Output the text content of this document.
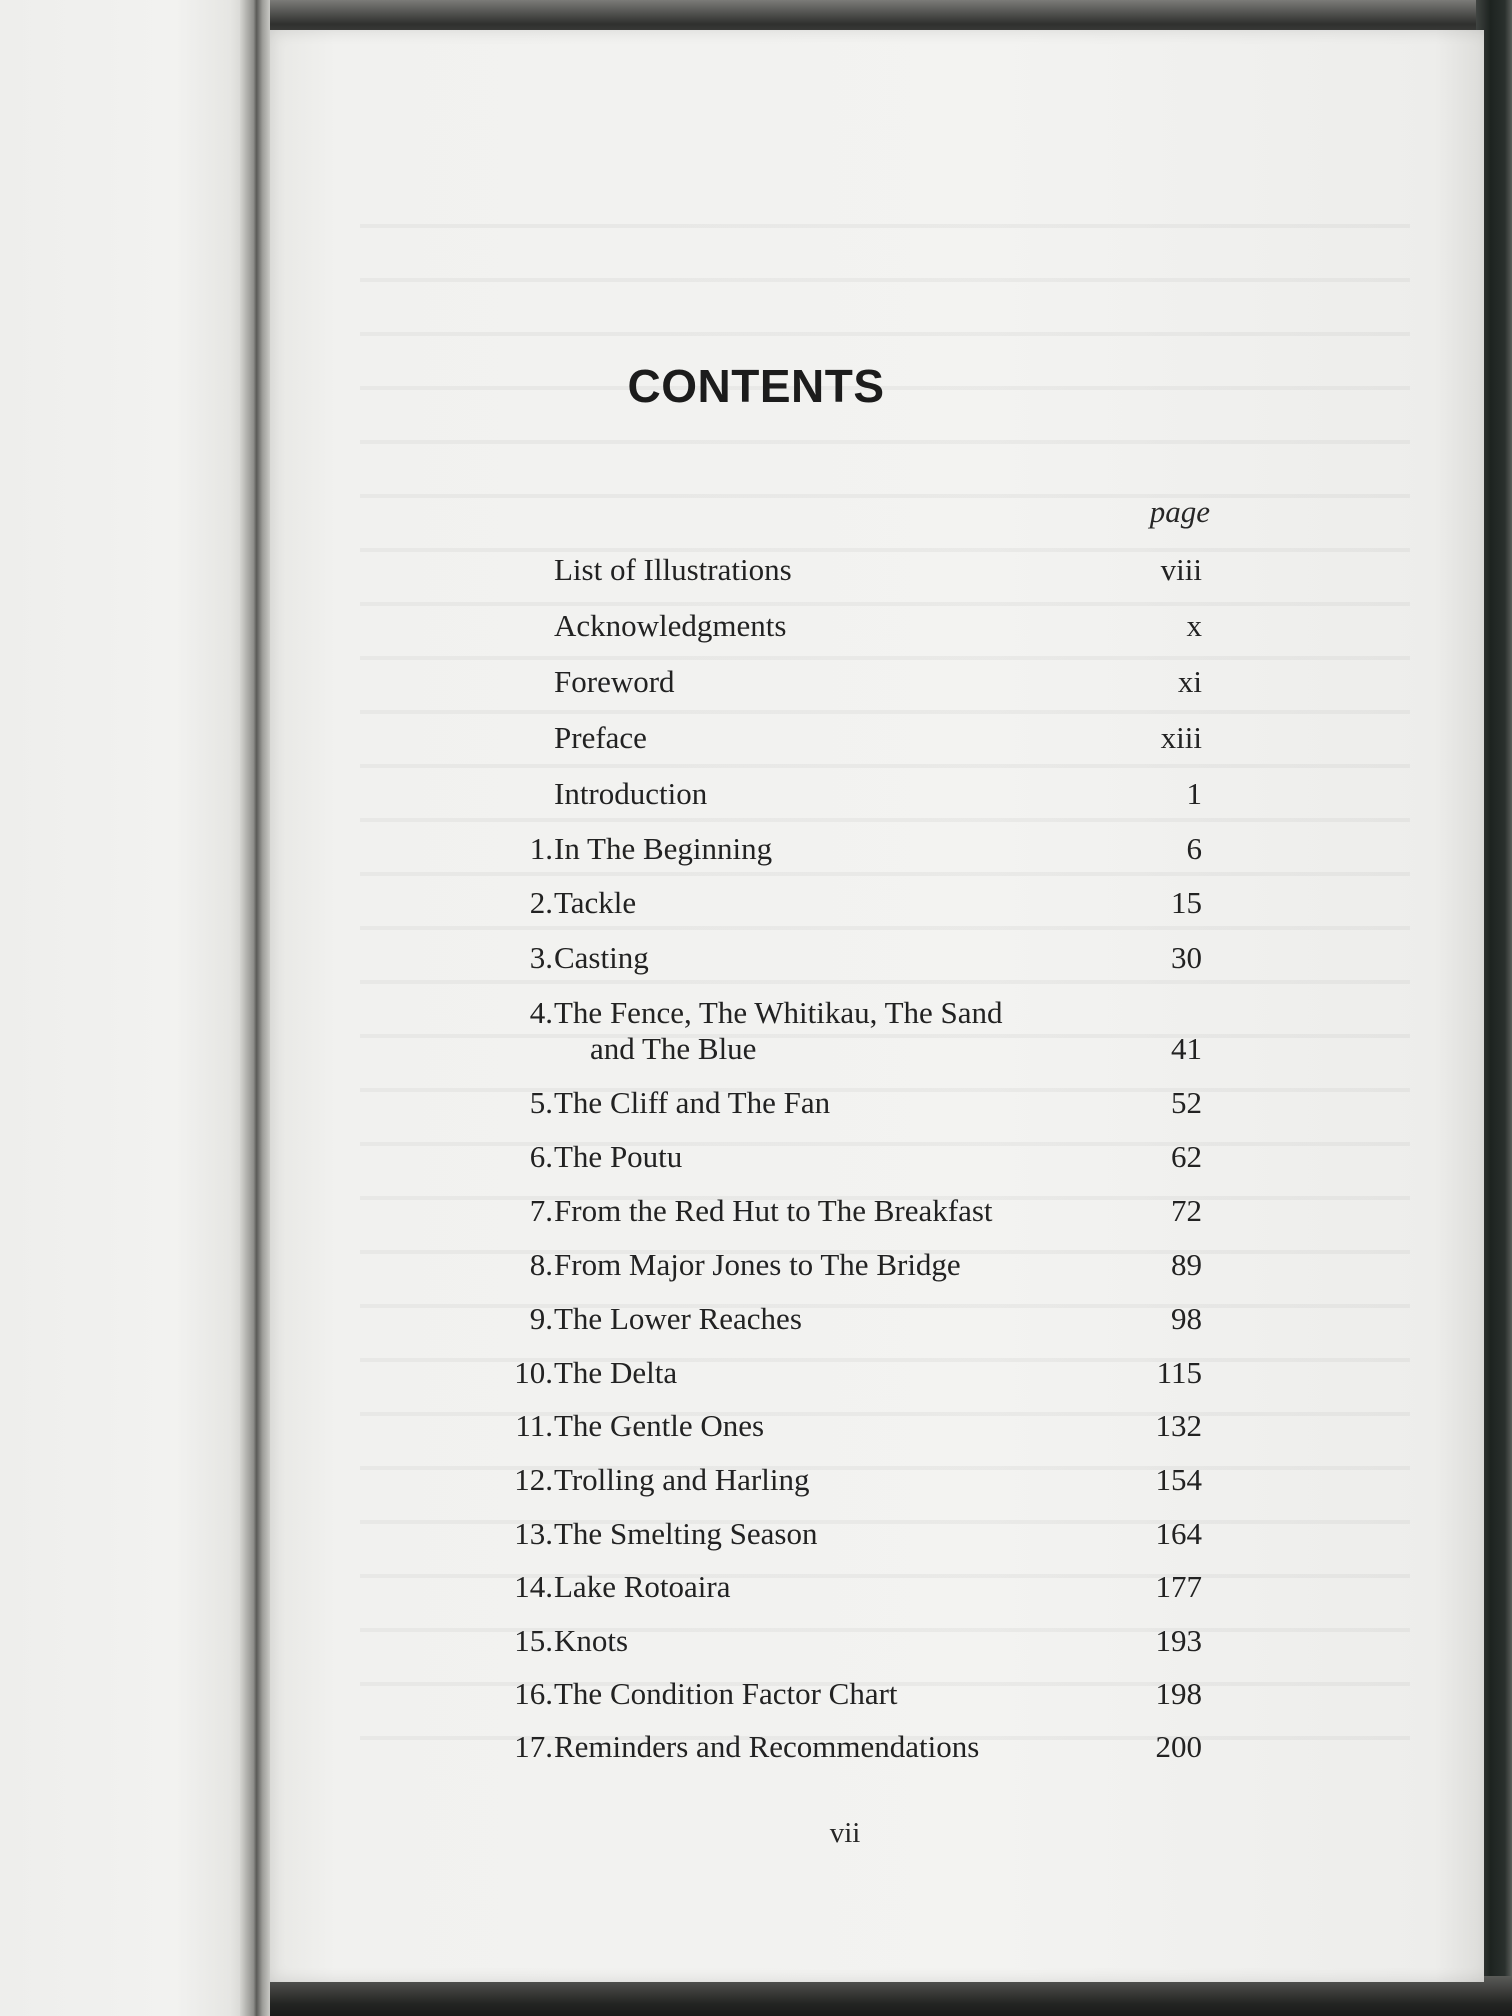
CONTENTS
page
List of Illustrations	viii
Acknowledgments	x
Foreword	xi
Preface	xiii
Introduction	1
1. In The Beginning	6
2. Tackle	15
3. Casting	30
4. The Fence, The Whitikau, The Sand
and The Blue	41
5. The Cliff and The Fan	52
6. The Poutu	62
7. From the Red Hut to The Breakfast	72
8. From Major Jones to The Bridge	89
9. The Lower Reaches	98
10. The Delta	115
11. The Gentle Ones	132
12. Trolling and Harling	154
13. The Smelting Season	164
14. Lake Rotoaira	177
15. Knots	193
16. The Condition Factor Chart	198
17. Reminders and Recommendations	200
vii
